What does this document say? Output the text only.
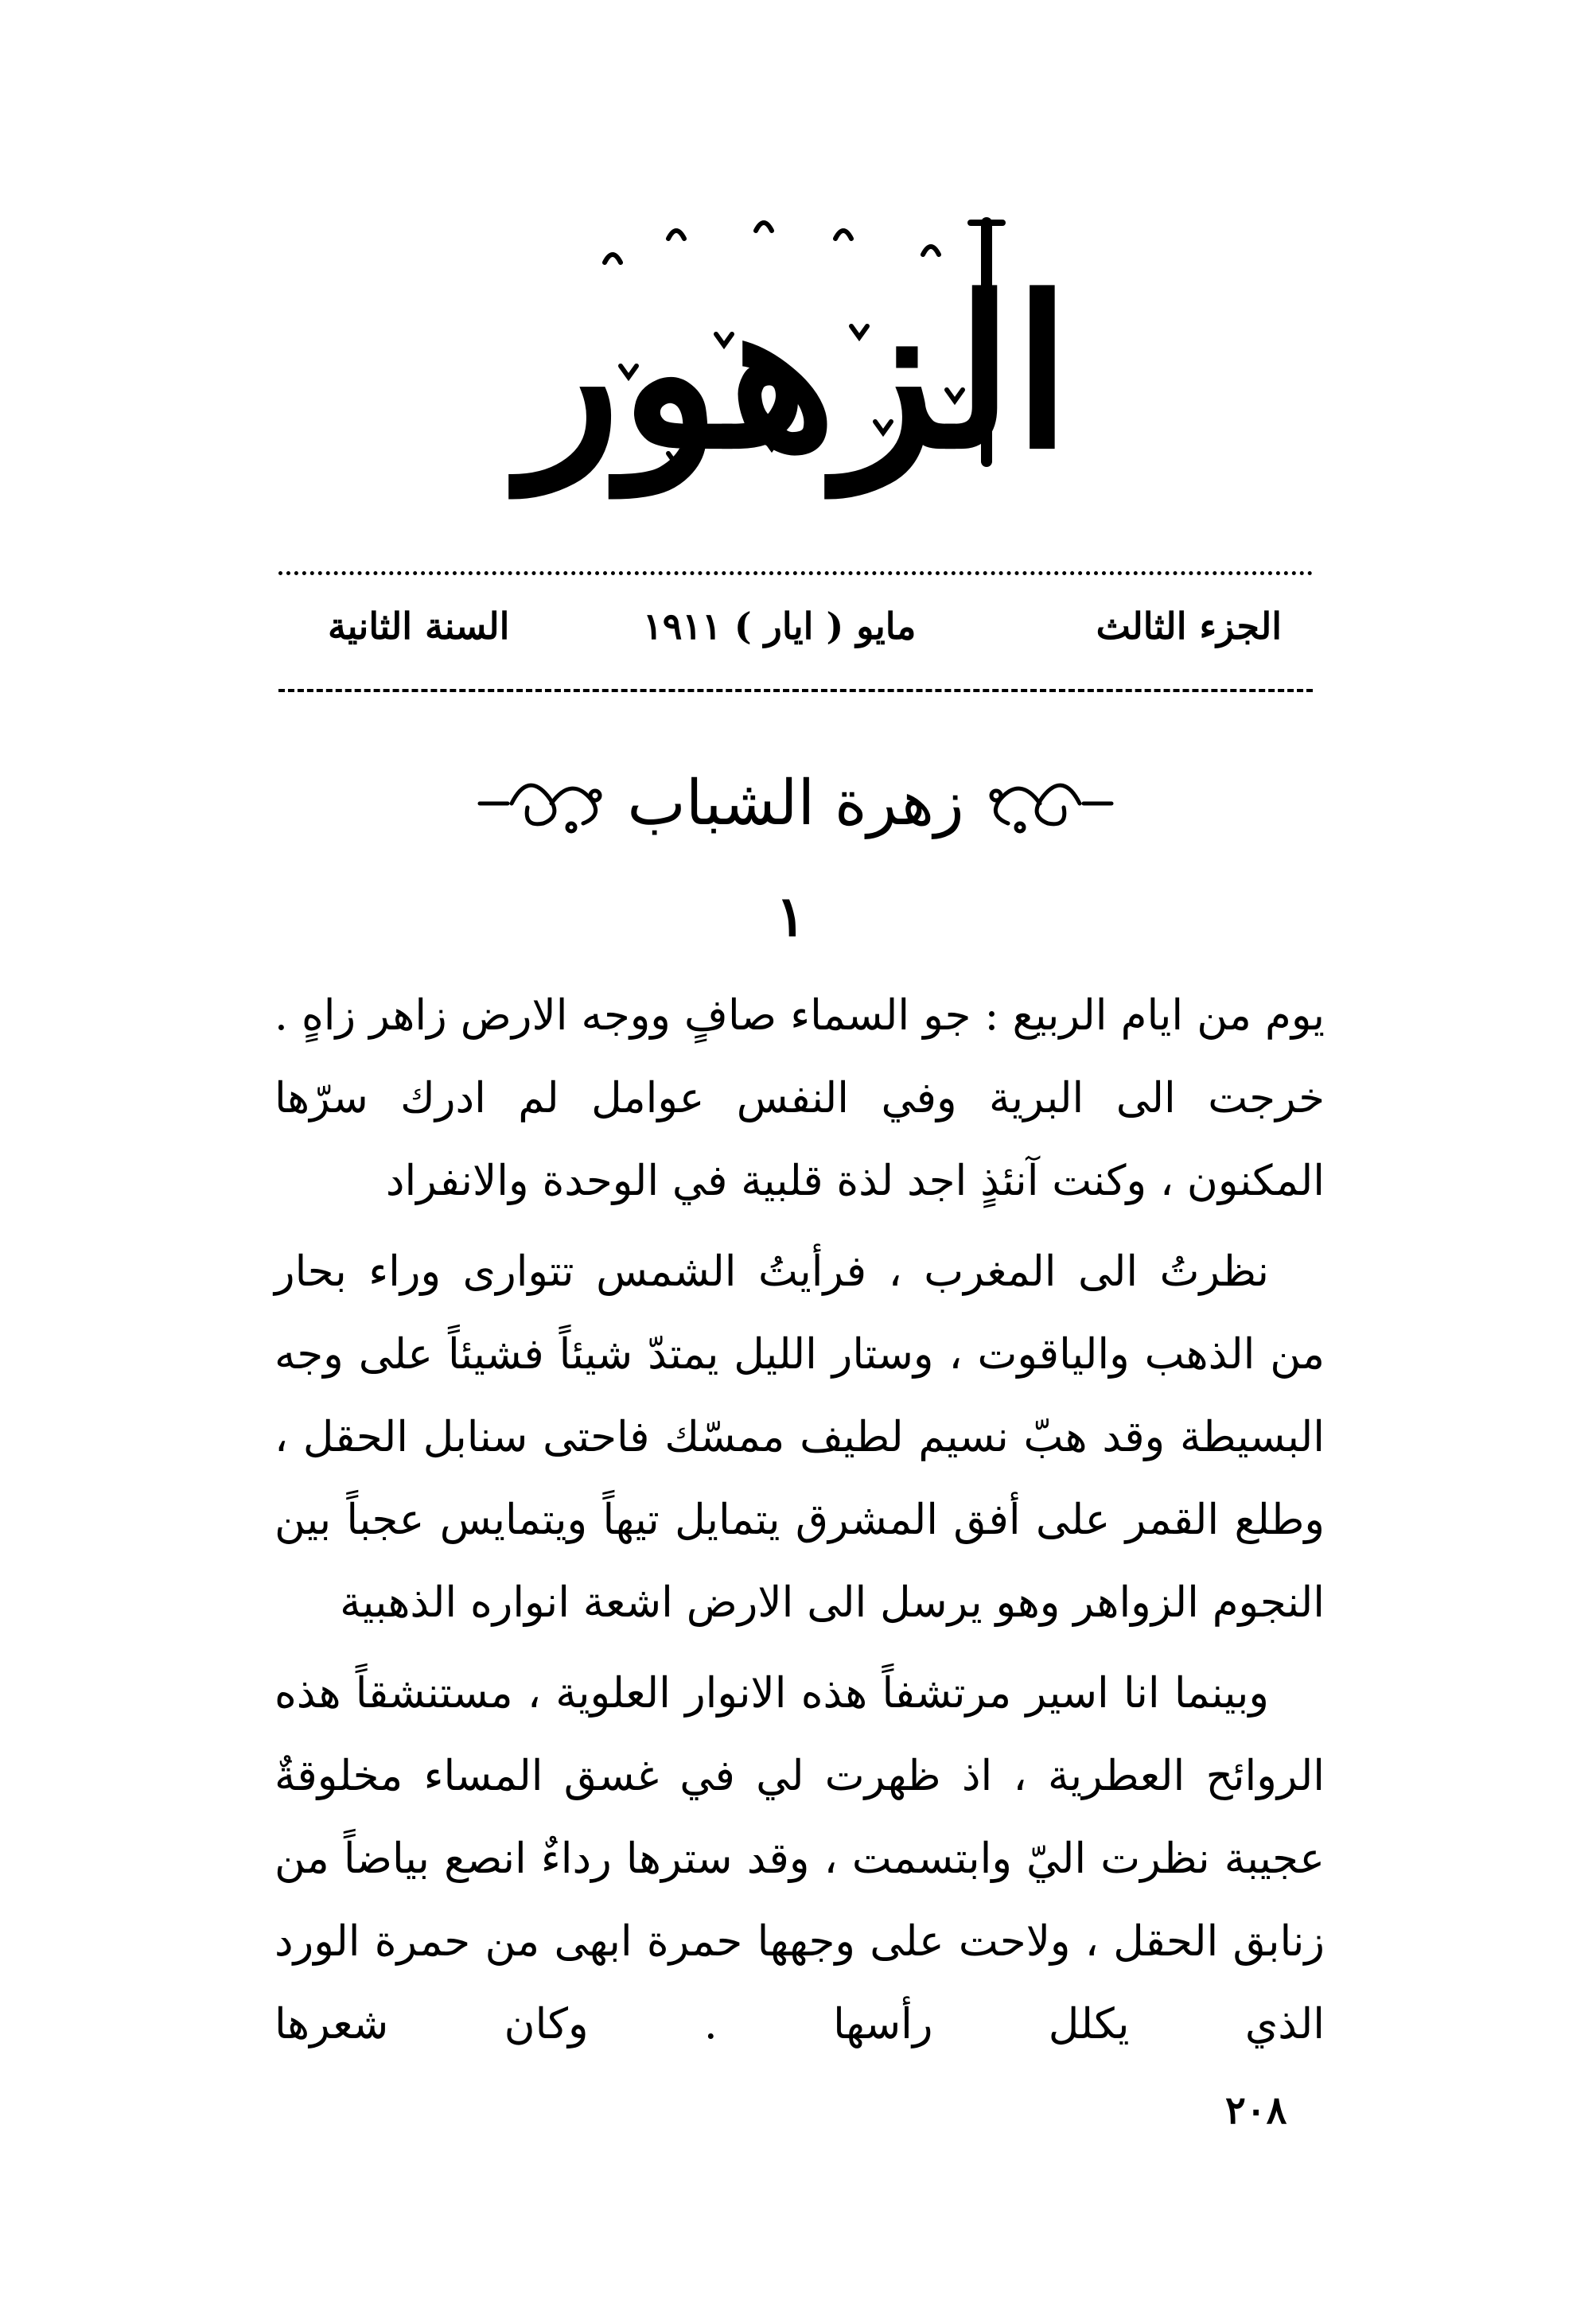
الزهور
الجزء الثالث
مايو ( ايار ) ١٩١١
السنة الثانية
زهرة الشباب
١

يوم من ايام الربيع : جو السماء صافٍ ووجه الارض زاهر زاهٍ . خرجت الى البرية وفي النفس عوامل لم ادرك سرّها المكنون ، وكنت آنئذٍ اجد لذة قلبية في الوحدة والانفراد

نظرتُ الى المغرب ، فرأيتُ الشمس تتوارى وراء بحار من الذهب والياقوت ، وستار الليل يمتدّ شيئاً فشيئاً على وجه البسيطة وقد هبّ نسيم لطيف ممسّك فاحتى سنابل الحقل ، وطلع القمر على أفق المشرق يتمايل تيهاً ويتمايس عجباً بين النجوم الزواهر وهو يرسل الى الارض اشعة انواره الذهبية

وبينما انا اسير مرتشفاً هذه الانوار العلوية ، مستنشقاً هذه الروائح العطرية ، اذ ظهرت لي في غسق المساء مخلوقةٌ عجيبة نظرت اليّ وابتسمت ، وقد سترها رداءٌ انصع بياضاً من زنابق الحقل ، ولاحت على وجهها حمرة ابهى من حمرة الورد الذي يكلل رأسها . وكان شعرها

٢٠٨
